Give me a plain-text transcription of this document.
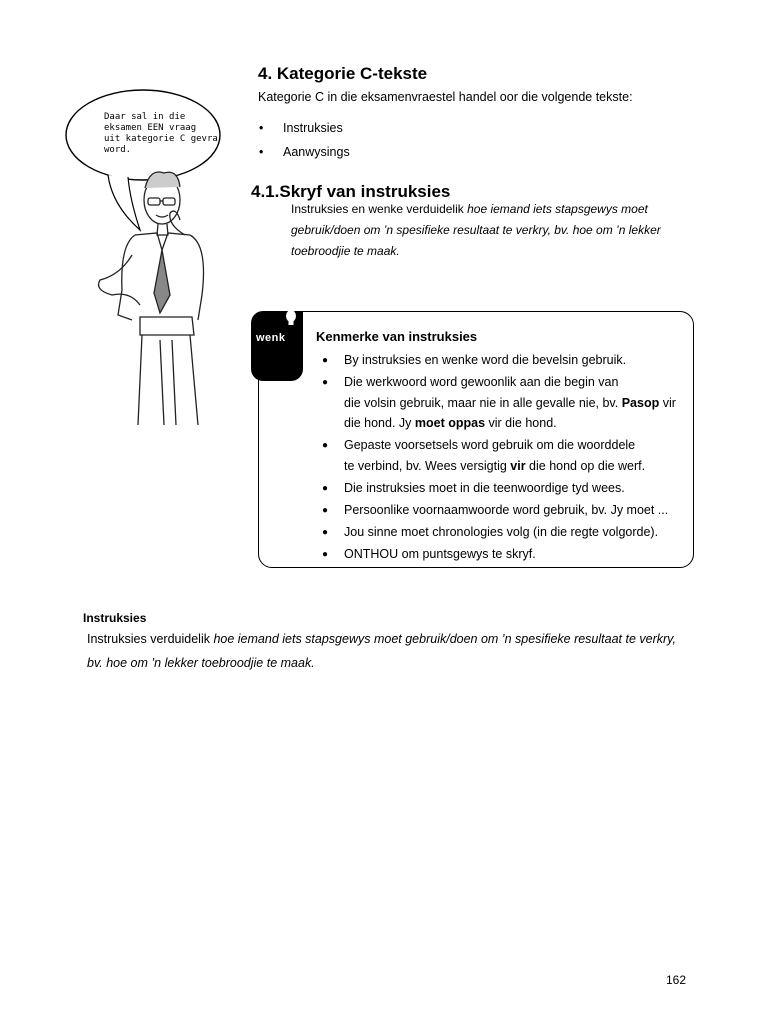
Daar sal in die
eksamen EEN vraag
uit kategorie C gevra
word.
4. Kategorie C-tekste
Kategorie C in die eksamenvraestel handel oor die volgende tekste:
• Instruksies
• Aanwysings
4.1.Skryf van instruksies
Instruksies en wenke verduidelik hoe iemand iets stapsgewys moet
gebruik/doen om ’n spesifieke resultaat te verkry, bv. hoe om ’n lekker
toebroodjie te maak.
wenk Kenmerke van instruksies
● By instruksies en wenke word die bevelsin gebruik.
● Die werkwoord word gewoonlik aan die begin van
die volsin gebruik, maar nie in alle gevalle nie, bv. Pasop vir
die hond. Jy moet oppas vir die hond.
● Gepaste voorsetsels word gebruik om die woorddele
te verbind, bv. Wees versigtig vir die hond op die werf.
● Die instruksies moet in die teenwoordige tyd wees.
● Persoonlike voornaamwoorde word gebruik, bv. Jy moet ...
● Jou sinne moet chronologies volg (in die regte volgorde).
● ONTHOU om puntsgewys te skryf.
Instruksies
Instruksies verduidelik hoe iemand iets stapsgewys moet gebruik/doen om ’n spesifieke resultaat te verkry,
bv. hoe om ’n lekker toebroodjie te maak.
162
